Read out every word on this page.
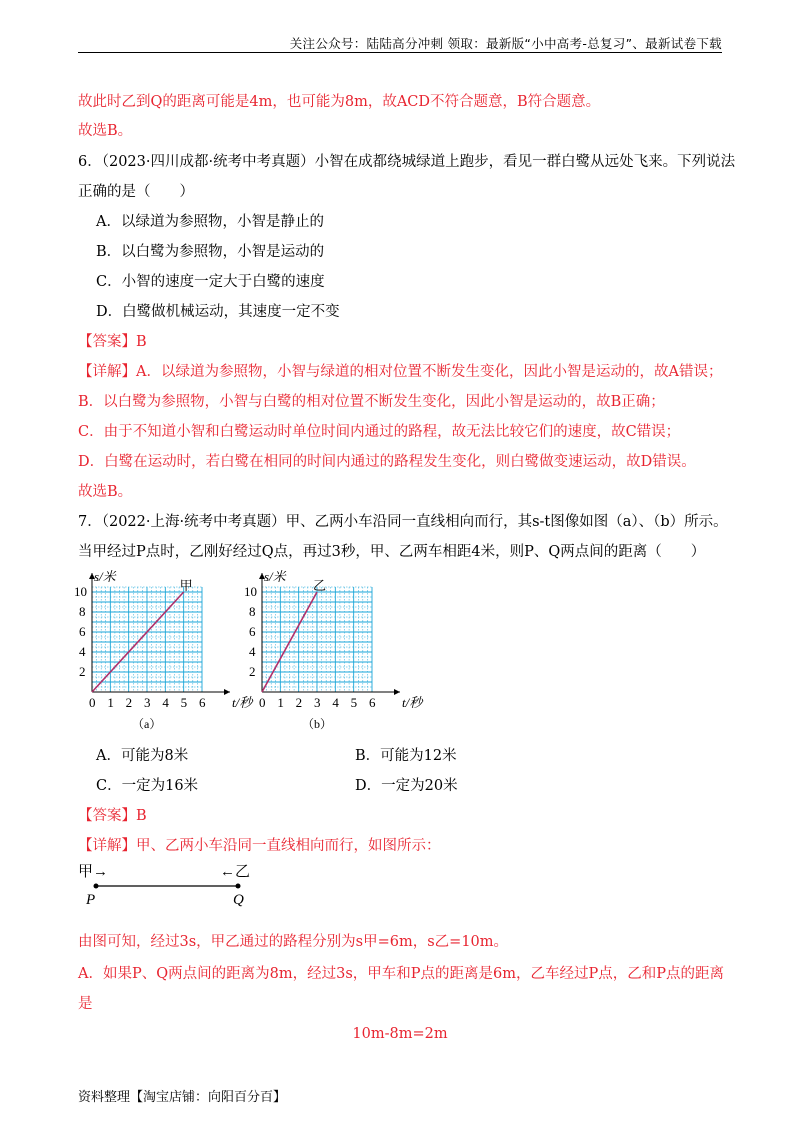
关注公众号：陆陆高分冲刺 领取：最新版“小中高考-总复习”、最新试卷下载
故此时乙到Q的距离可能是4m，也可能为8m，故ACD不符合题意，B符合题意。
故选B。
6．（2023·四川成都·统考中考真题）小智在成都绕城绿道上跑步，看见一群白鹭从远处飞来。下列说法
正确的是（　　）
A．以绿道为参照物，小智是静止的
B．以白鹭为参照物，小智是运动的
C．小智的速度一定大于白鹭的速度
D．白鹭做机械运动，其速度一定不变
【答案】B
【详解】A．以绿道为参照物，小智与绿道的相对位置不断发生变化，因此小智是运动的，故A错误；
B．以白鹭为参照物，小智与白鹭的相对位置不断发生变化，因此小智是运动的，故B正确；
C．由于不知道小智和白鹭运动时单位时间内通过的路程，故无法比较它们的速度，故C错误；
D．白鹭在运动时，若白鹭在相同的时间内通过的路程发生变化，则白鹭做变速运动，故D错误。
故选B。
7．（2022·上海·统考中考真题）甲、乙两小车沿同一直线相向而行，其s-t图像如图（a）、（b）所示。
当甲经过P点时，乙刚好经过Q点，再过3秒，甲、乙两车相距4米，则P、Q两点间的距离（　　）
0 1 2 3 4 5 6
2
4
6
8
10
s/米
t/秒
甲
（a）
0 1 2 3 4 5 6
2
4
6
8
10
s/米
t/秒
乙
（b）
A．可能为8米	B．可能为12米
C．一定为16米	D．一定为20米
【答案】B
【详解】甲、乙两小车沿同一直线相向而行，如图所示：
甲→	←乙
P	Q
由图可知，经过3s，甲乙通过的路程分别为s甲=6m，s乙=10m。
A．如果P、Q两点间的距离为8m，经过3s，甲车和P点的距离是6m，乙车经过P点，乙和P点的距离
是
10m-8m=2m
资料整理【淘宝店铺：向阳百分百】
